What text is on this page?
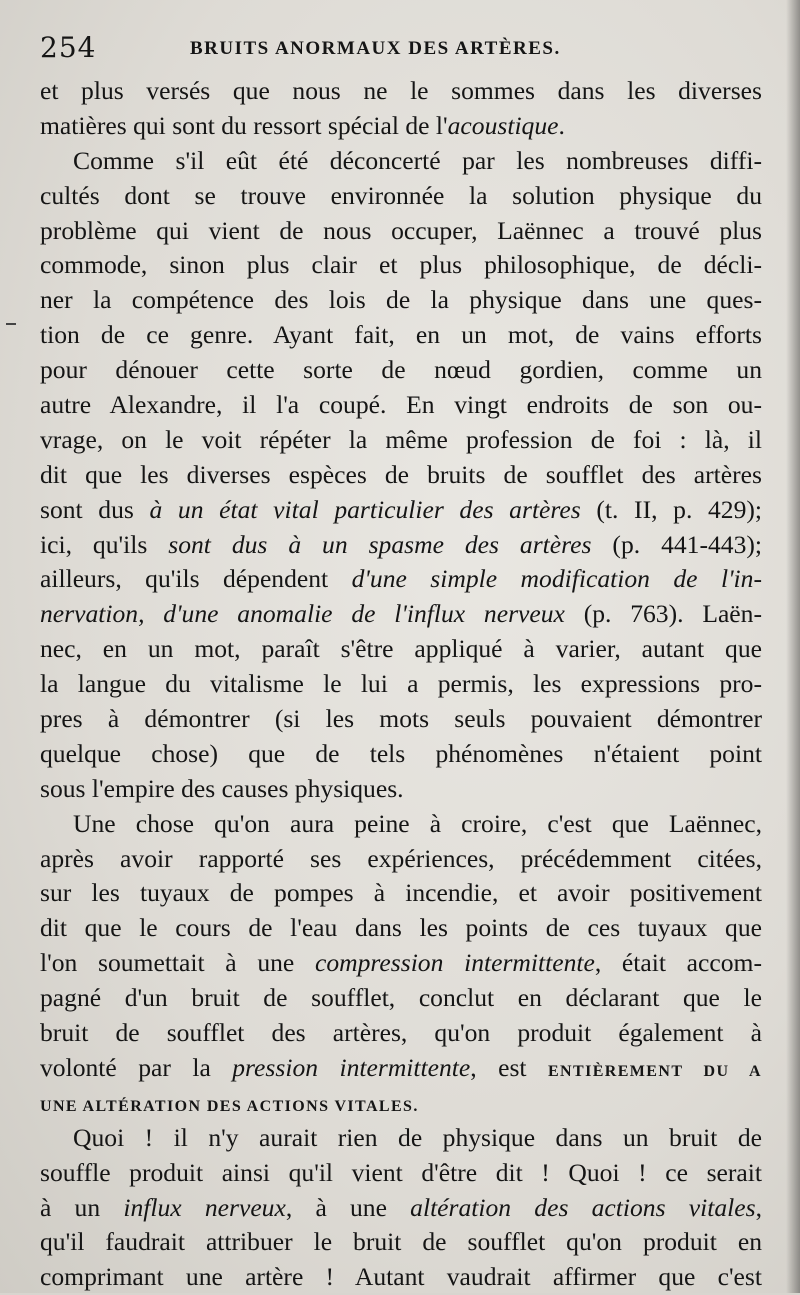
254	BRUITS ANORMAUX DES ARTÈRES.
et plus versés que nous ne le sommes dans les diverses
matières qui sont du ressort spécial de l'acoustique.
Comme s'il eût été déconcerté par les nombreuses diffi-
cultés dont se trouve environnée la solution physique du
problème qui vient de nous occuper, Laënnec a trouvé plus
commode, sinon plus clair et plus philosophique, de décli-
ner la compétence des lois de la physique dans une ques-
tion de ce genre. Ayant fait, en un mot, de vains efforts
pour dénouer cette sorte de nœud gordien, comme un
autre Alexandre, il l'a coupé. En vingt endroits de son ou-
vrage, on le voit répéter la même profession de foi : là, il
dit que les diverses espèces de bruits de soufflet des artères
sont dus à un état vital particulier des artères (t. II, p. 429);
ici, qu'ils sont dus à un spasme des artères (p. 441-443);
ailleurs, qu'ils dépendent d'une simple modification de l'in-
nervation, d'une anomalie de l'influx nerveux (p. 763). Laën-
nec, en un mot, paraît s'être appliqué à varier, autant que
la langue du vitalisme le lui a permis, les expressions pro-
pres à démontrer (si les mots seuls pouvaient démontrer
quelque chose) que de tels phénomènes n'étaient point
sous l'empire des causes physiques.
Une chose qu'on aura peine à croire, c'est que Laënnec,
après avoir rapporté ses expériences, précédemment citées,
sur les tuyaux de pompes à incendie, et avoir positivement
dit que le cours de l'eau dans les points de ces tuyaux que
l'on soumettait à une compression intermittente, était accom-
pagné d'un bruit de soufflet, conclut en déclarant que le
bruit de soufflet des artères, qu'on produit également à
volonté par la pression intermittente, est ENTIÈREMENT DU A
UNE ALTÉRATION DES ACTIONS VITALES.
Quoi ! il n'y aurait rien de physique dans un bruit de
souffle produit ainsi qu'il vient d'être dit ! Quoi ! ce serait
à un influx nerveux, à une altération des actions vitales,
qu'il faudrait attribuer le bruit de soufflet qu'on produit en
comprimant une artère ! Autant vaudrait affirmer que c'est
